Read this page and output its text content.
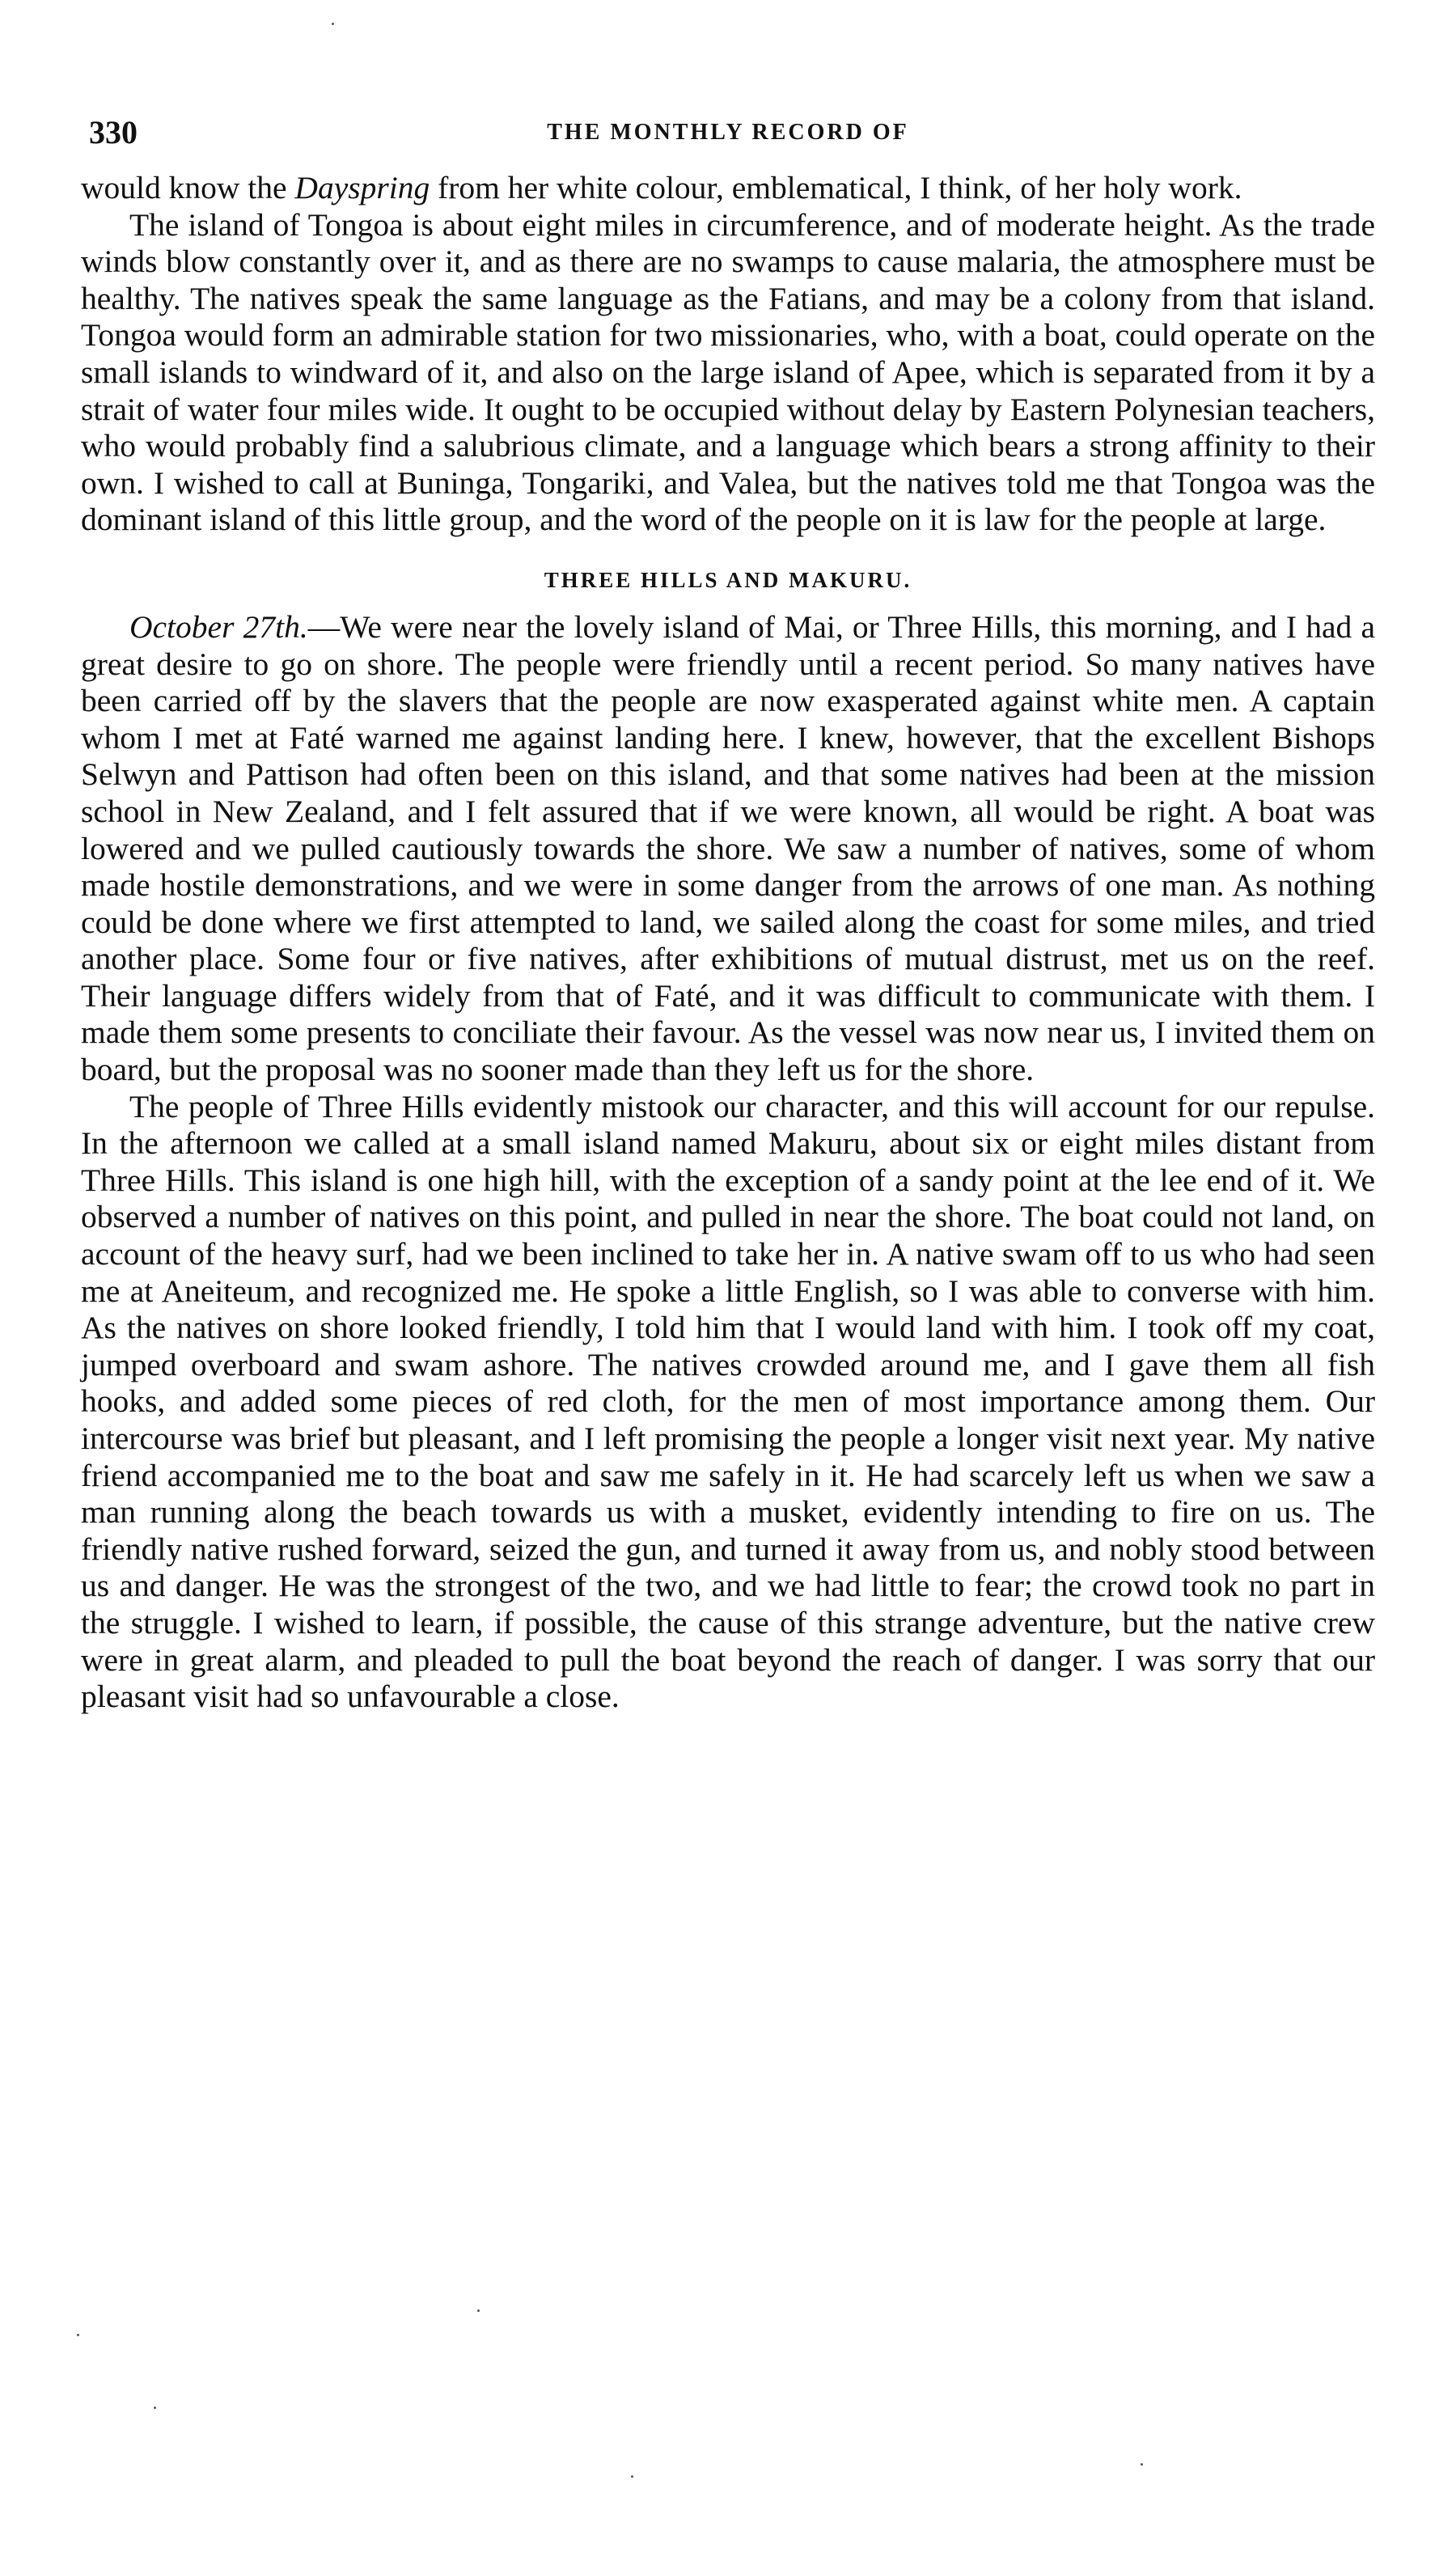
330	THE MONTHLY RECORD OF

would know the Dayspring from her white colour, emblematical, I think, of her holy work.

The island of Tongoa is about eight miles in circumference, and of moderate height. As the trade winds blow constantly over it, and as there are no swamps to cause malaria, the atmosphere must be healthy. The natives speak the same language as the Fatians, and may be a colony from that island. Tongoa would form an admirable station for two missionaries, who, with a boat, could operate on the small islands to windward of it, and also on the large island of Apee, which is separated from it by a strait of water four miles wide. It ought to be occupied without delay by Eastern Polynesian teachers, who would probably find a salubrious climate, and a language which bears a strong affinity to their own. I wished to call at Buninga, Tongariki, and Valea, but the natives told me that Tongoa was the dominant island of this little group, and the word of the people on it is law for the people at large.

THREE HILLS AND MAKURU.

October 27th.—We were near the lovely island of Mai, or Three Hills, this morning, and I had a great desire to go on shore. The people were friendly until a recent period. So many natives have been carried off by the slavers that the people are now exasperated against white men. A captain whom I met at Faté warned me against landing here. I knew, however, that the excellent Bishops Selwyn and Pattison had often been on this island, and that some natives had been at the mission school in New Zealand, and I felt assured that if we were known, all would be right. A boat was lowered and we pulled cautiously towards the shore. We saw a number of natives, some of whom made hostile demonstrations, and we were in some danger from the arrows of one man. As nothing could be done where we first attempted to land, we sailed along the coast for some miles, and tried another place. Some four or five natives, after exhibitions of mutual distrust, met us on the reef. Their language differs widely from that of Faté, and it was difficult to communicate with them. I made them some presents to conciliate their favour. As the vessel was now near us, I invited them on board, but the proposal was no sooner made than they left us for the shore.

The people of Three Hills evidently mistook our character, and this will account for our repulse. In the afternoon we called at a small island named Makuru, about six or eight miles distant from Three Hills. This island is one high hill, with the exception of a sandy point at the lee end of it. We observed a number of natives on this point, and pulled in near the shore. The boat could not land, on account of the heavy surf, had we been inclined to take her in. A native swam off to us who had seen me at Aneiteum, and recognized me. He spoke a little English, so I was able to converse with him. As the natives on shore looked friendly, I told him that I would land with him. I took off my coat, jumped overboard and swam ashore. The natives crowded around me, and I gave them all fish hooks, and added some pieces of red cloth, for the men of most importance among them. Our intercourse was brief but pleasant, and I left promising the people a longer visit next year. My native friend accompanied me to the boat and saw me safely in it. He had scarcely left us when we saw a man running along the beach towards us with a musket, evidently intending to fire on us. The friendly native rushed forward, seized the gun, and turned it away from us, and nobly stood between us and danger. He was the strongest of the two, and we had little to fear; the crowd took no part in the struggle. I wished to learn, if possible, the cause of this strange adventure, but the native crew were in great alarm, and pleaded to pull the boat beyond the reach of danger. I was sorry that our pleasant visit had so unfavourable a close.
